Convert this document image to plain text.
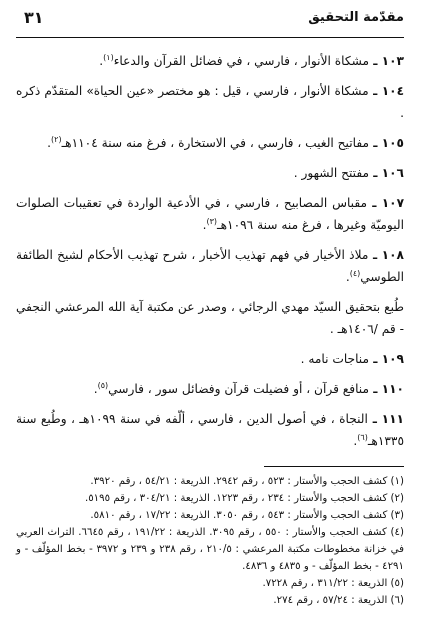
مقدّمة التحقيق
٣١

١٠٣ ـ مشكاة الأنوار ، فارسي ، في فضائل القرآن والدعاء$^{(١)}$.

١٠٤ ـ مشكاة الأنوار ، فارسي ، قيل : هو مختصر «عين الحياة» المتقدّم ذكره .

١٠٥ ـ مفاتيح الغيب ، فارسي ، في الاستخارة ، فرغ منه سنة ١١٠٤هـ$^{(٢)}$.

١٠٦ ـ مفتتح الشهور .

١٠٧ ـ مقباس المصابيح ، فارسي ، في الأدعية الواردة في تعقيبات الصلوات اليوميّة وغيرها ، فرغ منه سنة ١٠٩٦هـ$^{(٣)}$.

١٠٨ ـ ملاذ الأخيار في فهم تهذيب الأخبار ، شرح تهذيب الأحكام لشيخ الطائفة الطوسي$^{(٤)}$.

طُبع بتحقيق السيّد مهدي الرجائي ، وصدر عن مكتبة آية الله المرعشي النجفي - قم /١٤٠٦هـ .

١٠٩ ـ مناجات نامه .

١١٠ ـ منافع قرآن ، أو فضيلت قرآن وفضائل سور ، فارسي$^{(٥)}$.

١١١ ـ النجاة ، في أصول الدين ، فارسي ، ألّفه في سنة ١٠٩٩هـ ، وطُبع سنة ١٣٣٥هـ$^{(٦)}$.

(١) كشف الحجب والأستار : ٥٢٣ ، رقم ٢٩٤٢. الذريعة : ٥٤/٢١ ، رقم ٣٩٢٠.

(٢) كشف الحجب والأستار : ٢٣٤ ، رقم ١٢٢٣. الذريعة : ٣٠٤/٢١ ، رقم ٥١٩٥.

(٣) كشف الحجب والأستار : ٥٤٣ ، رقم ٣٠٥٠. الذريعة : ١٧/٢٢ ، رقم ٥٨١٠.

(٤) كشف الحجب والأستار : ٥٥٠ ، رقم ٣٠٩٥. الذريعة : ١٩١/٢٢ ، رقم ٦٦٤٥. التراث العربي في خزانة مخطوطات مكتبة المرعشي : ٢١٠/٥ ، رقم ٢٣٨ و ٢٣٩ و ٣٩٧٢ - بخط المؤلّف - و ٤٢٩١ - بخط المؤلّف - و ٤٨٣٥ و ٤٨٣٦.

(٥) الذريعة : ٣١١/٢٢ ، رقم ٧٢٢٨.

(٦) الذريعة : ٥٧/٢٤ ، رقم ٢٧٤.
